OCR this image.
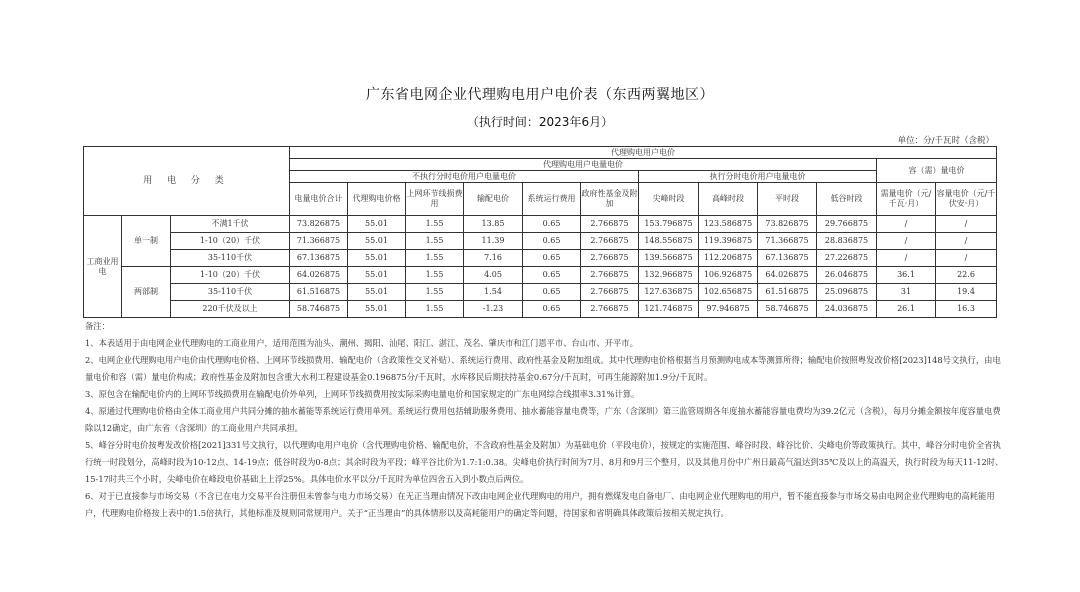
广东省电网企业代理购电用户电价表（东西两翼地区）
（执行时间：2023年6月）
单位：分/千瓦时（含税）
用 电 分 类			代理购电用户电价											
			代理购电用户电量电价										容（需）量电价	
			不执行分时电价用户电量电价						执行分时电价用户电量电价					
			电量电价合计	代理购电价格	上网环节线损费用	输配电价	系统运行费用	政府性基金及附加	尖峰时段	高峰时段	平时段	低谷时段	需量电价（元/千瓦·月）	容量电价（元/千伏安·月）
工商业用电	单一制	不满1千伏	73.826875	55.01	1.55	13.85	0.65	2.766875	153.796875	123.586875	73.826875	29.766875	/	/
		1-10（20）千伏	71.366875	55.01	1.55	11.39	0.65	2.766875	148.556875	119.396875	71.366875	28.836875	/	/
		35-110千伏	67.136875	55.01	1.55	7.16	0.65	2.766875	139.566875	112.206875	67.136875	27.226875	/	/
	两部制	1-10（20）千伏	64.026875	55.01	1.55	4.05	0.65	2.766875	132.966875	106.926875	64.026875	26.046875	36.1	22.6
		35-110千伏	61.516875	55.01	1.55	1.54	0.65	2.766875	127.636875	102.656875	61.516875	25.096875	31	19.4
		220千伏及以上	58.746875	55.01	1.55	-1.23	0.65	2.766875	121.746875	97.946875	58.746875	24.036875	26.1	16.3

备注：

1、本表适用于由电网企业代理购电的工商业用户，适用范围为汕头、潮州、揭阳、汕尾、阳江、湛江、茂名、肇庆市和江门恩平市、台山市、开平市。

2、电网企业代理购电用户电价由代理购电价格、上网环节线损费用、输配电价（含政策性交叉补贴）、系统运行费用、政府性基金及附加组成。其中代理购电价格根据当月预测购电成本等测算所得；输配电价按照粤发改价格[2023]148号文执行，由电量电价和容（需）量电价构成；政府性基金及附加包含重大水利工程建设基金0.196875分/千瓦时，水库移民后期扶持基金0.67分/千瓦时，可再生能源附加1.9分/千瓦时。

3、原包含在输配电价内的上网环节线损费用在输配电价外单列，上网环节线损费用按实际采购电量电价和国家规定的广东电网综合线损率3.31%计算。

4、原通过代理购电价格由全体工商业用户共同分摊的抽水蓄能等系统运行费用单列。系统运行费用包括辅助服务费用、抽水蓄能容量电费等，广东（含深圳）第三监管周期各年度抽水蓄能容量电费均为39.2亿元（含税），每月分摊金额按年度容量电费除以12确定，由广东省（含深圳）的工商业用户共同承担。

5、峰谷分时电价按粤发改价格[2021]331号文执行，以代理购电用户电价（含代理购电价格、输配电价，不含政府性基金及附加）为基础电价（平段电价），按规定的实施范围、峰谷时段、峰谷比价、尖峰电价等政策执行。其中，峰谷分时电价全省执行统一时段划分，高峰时段为10-12点、14-19点；低谷时段为0-8点；其余时段为平段；峰平谷比价为1.7:1:0.38。尖峰电价执行时间为7月、8月和9月三个整月，以及其他月份中广州日最高气温达到35℃及以上的高温天，执行时段为每天11-12时、15-17时共三个小时，尖峰电价在峰段电价基础上上浮25%。具体电价水平以分/千瓦时为单位四舍五入到小数点后两位。

6、对于已直接参与市场交易（不含已在电力交易平台注册但未曾参与电力市场交易）在无正当理由情况下改由电网企业代理购电的用户，拥有燃煤发电自备电厂、由电网企业代理购电的用户，暂不能直接参与市场交易由电网企业代理购电的高耗能用户，代理购电价格按上表中的1.5倍执行，其他标准及规则同常规用户。关于“正当理由”的具体情形以及高耗能用户的确定等问题，待国家和省明确具体政策后按相关规定执行。
